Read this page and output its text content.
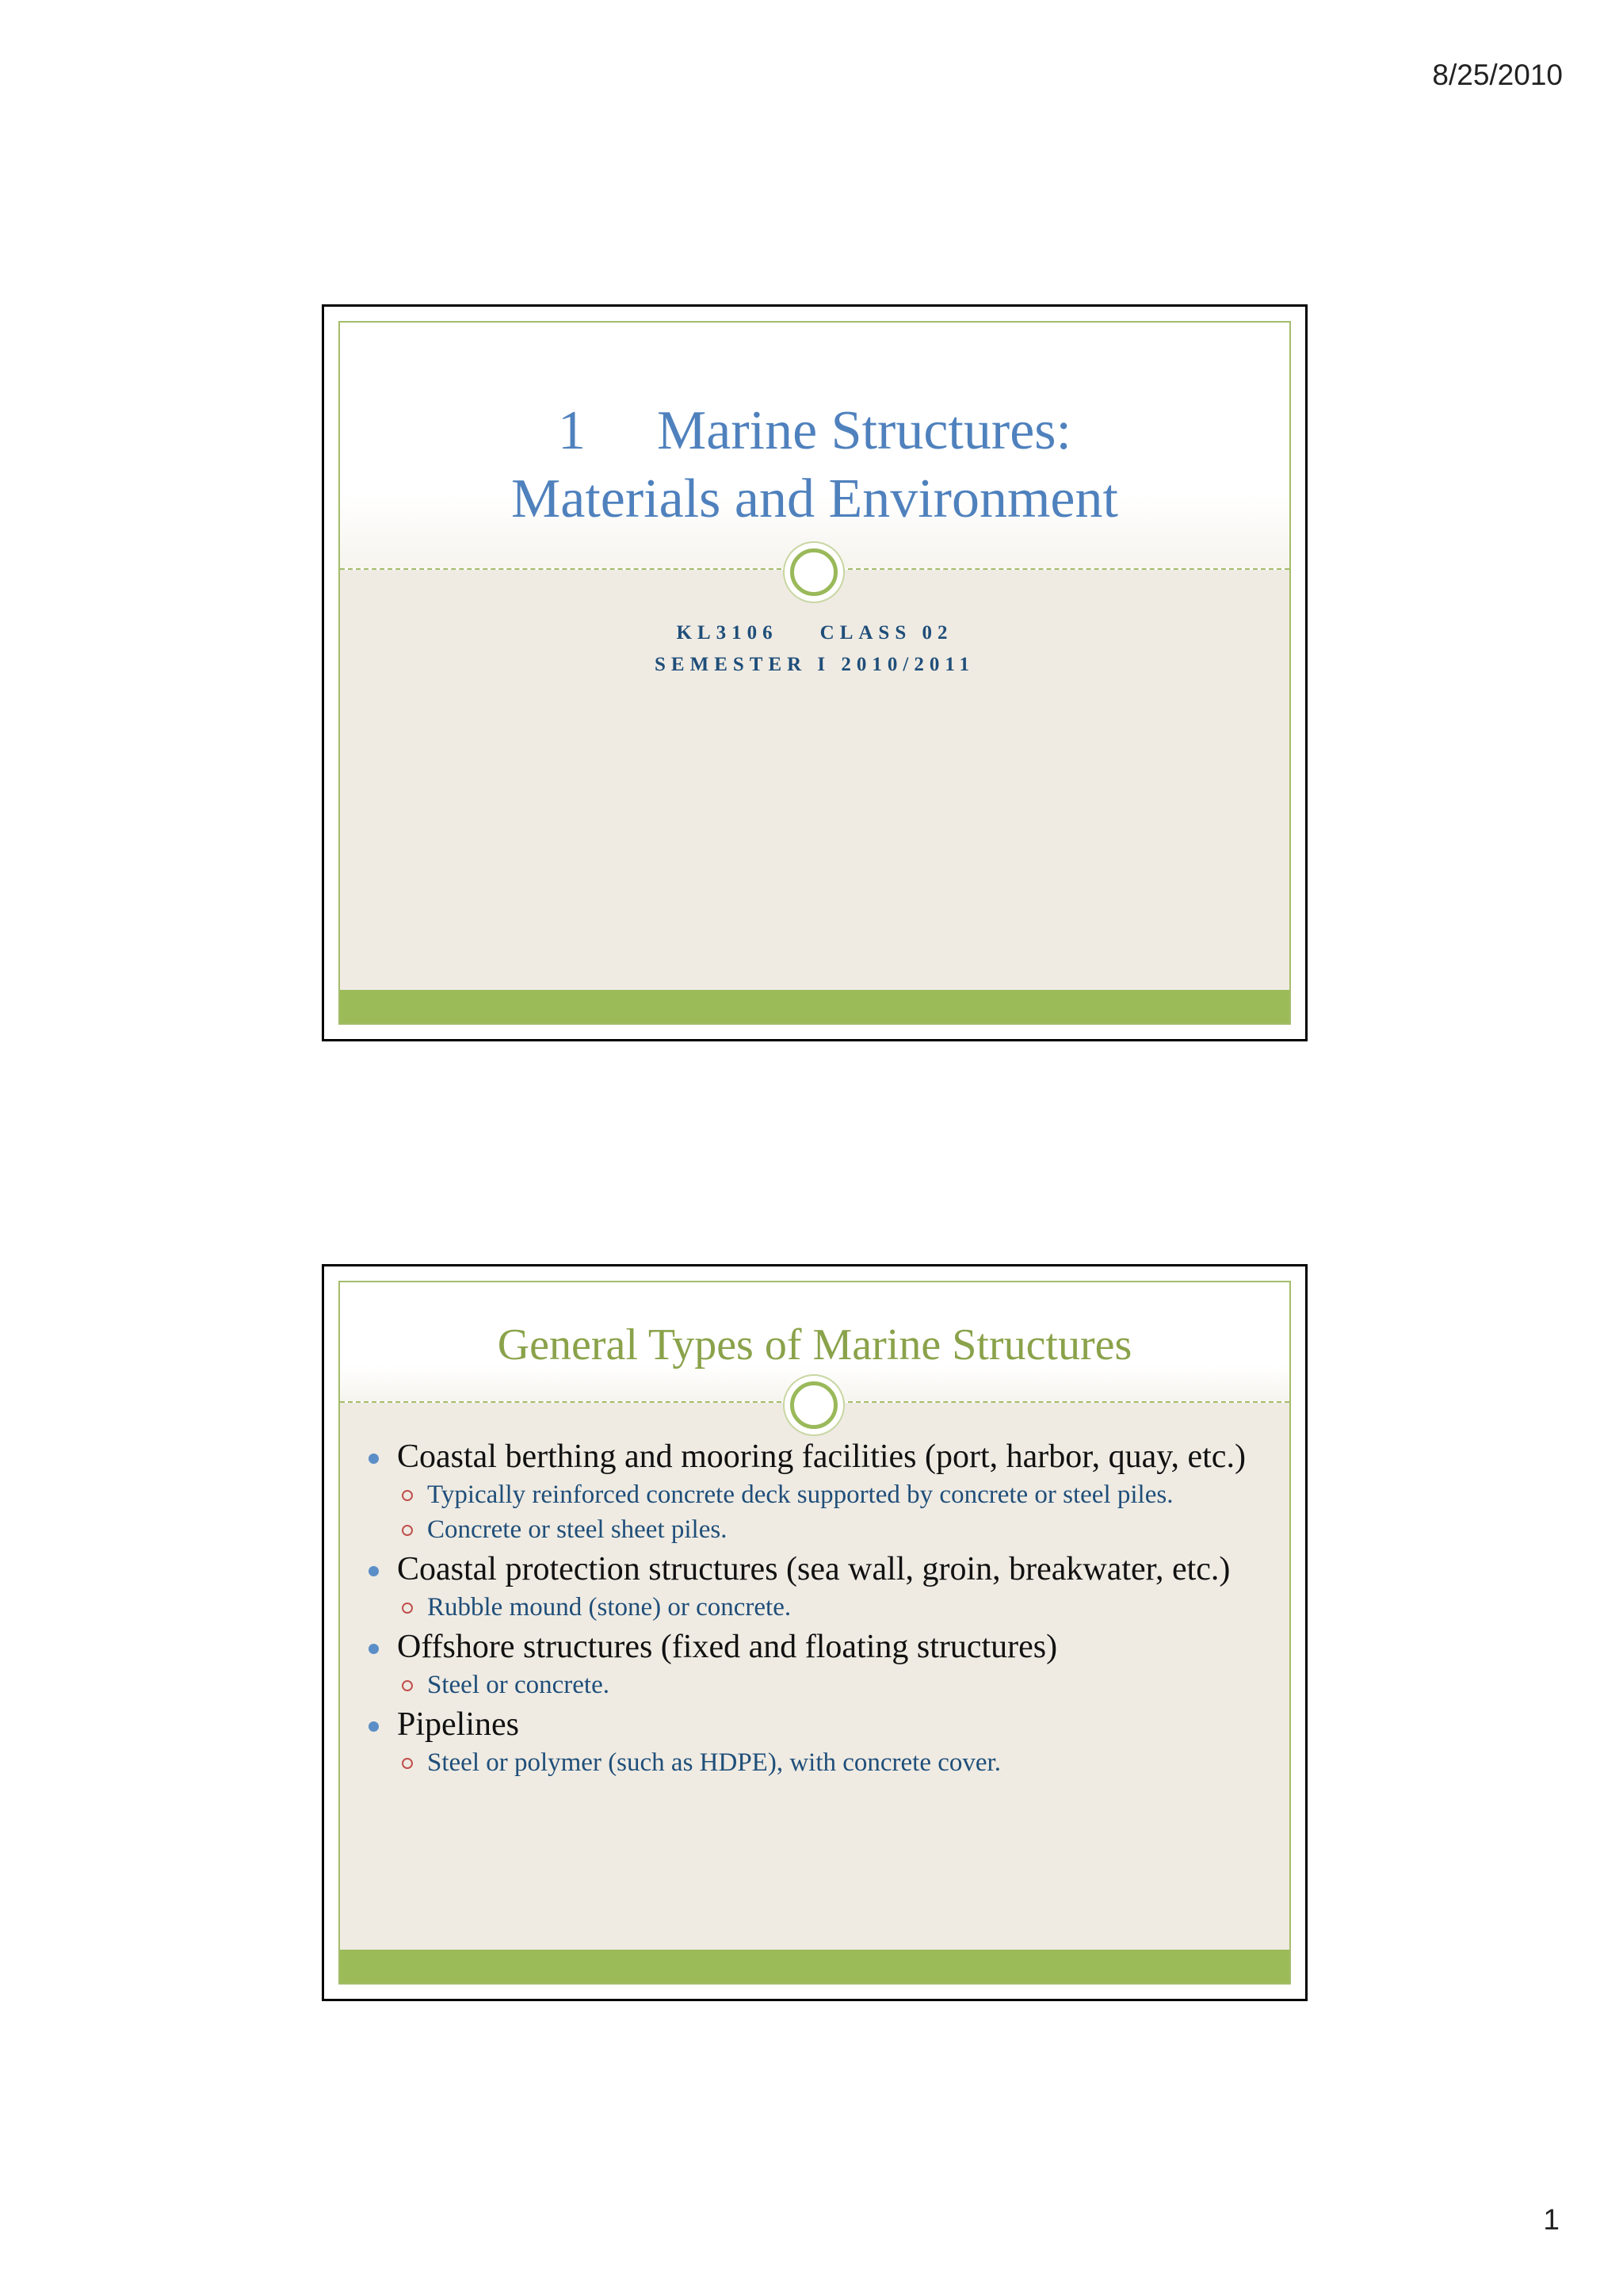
8/25/2010
1 Marine Structures:
Materials and Environment
KL3106    CLASS 02
SEMESTER I 2010/2011
General Types of Marine Structures
Coastal berthing and mooring facilities (port, harbor, quay, etc.)
Typically reinforced concrete deck supported by concrete or steel piles.
Concrete or steel sheet piles.
Coastal protection structures (sea wall, groin, breakwater, etc.)
Rubble mound (stone) or concrete.
Offshore structures (fixed and floating structures)
Steel or concrete.
Pipelines
Steel or polymer (such as HDPE), with concrete cover.
1
